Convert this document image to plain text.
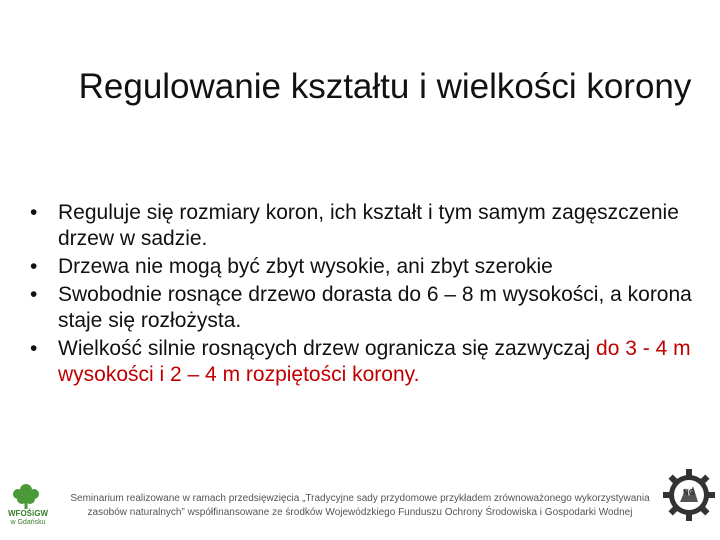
Regulowanie kształtu i wielkości korony
• Reguluje się rozmiary koron, ich kształt i tym samym zagęszczenie drzew w sadzie.
• Drzewa nie mogą być zbyt wysokie, ani zbyt szerokie
• Swobodnie rosnące drzewo dorasta do 6 – 8 m wysokości, a korona staje się rozłożysta.
• Wielkość silnie rosnących drzew ogranicza się zazwyczaj do 3 - 4 m wysokości i 2 – 4 m rozpiętości korony.
WFOŚiGW
w Gdańsku
Seminarium realizowane w ramach przedsięwzięcia „Tradycyjne sady przydomowe przykładem zrównoważonego wykorzystywania zasobów naturalnych” współfinansowane ze środków Wojewódzkiego Funduszu Ochrony Środowiska i Gospodarki Wodnej
NG
